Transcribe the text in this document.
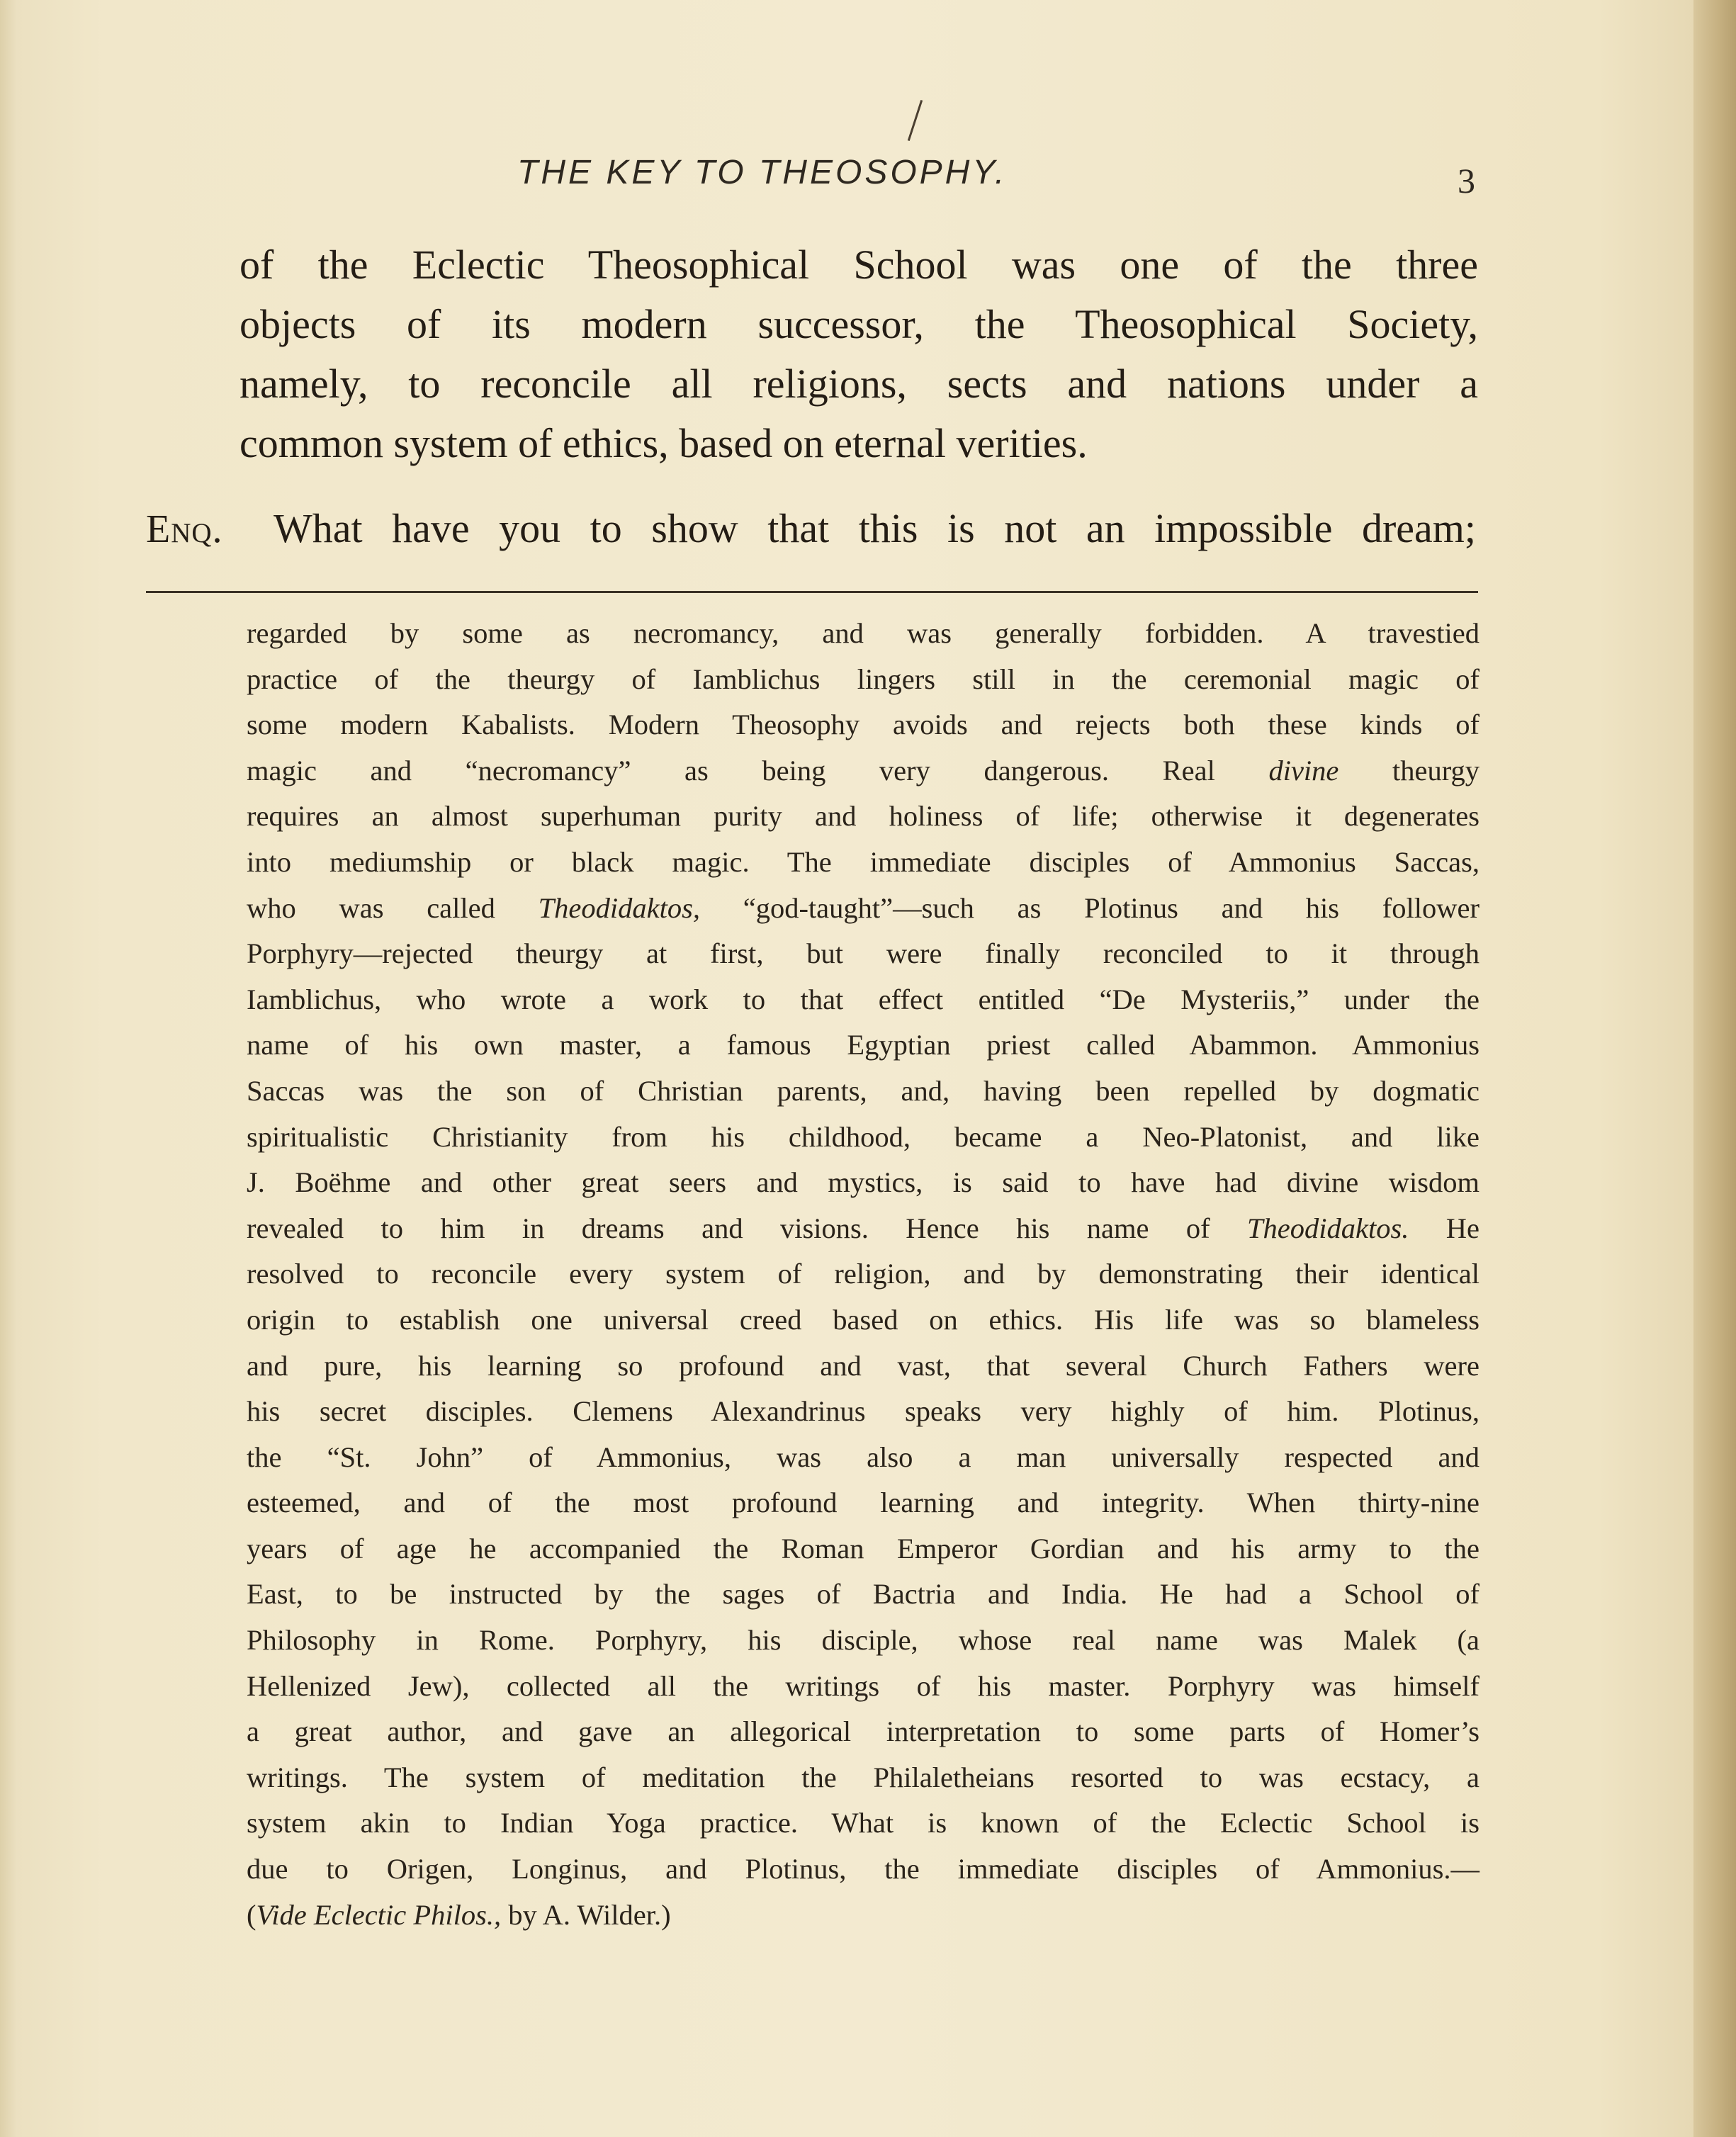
THE KEY TO THEOSOPHY.	3
of the Eclectic Theosophical School was one of the three
objects of its modern successor, the Theosophical Society,
namely, to reconcile all religions, sects and nations under a
common system of ethics, based on eternal verities.
Enq. What have you to show that this is not an impossible dream;
regarded by some as necromancy, and was generally forbidden. A travestied
practice of the theurgy of Iamblichus lingers still in the ceremonial magic of
some modern Kabalists. Modern Theosophy avoids and rejects both these kinds of
magic and “necromancy” as being very dangerous. Real divine theurgy
requires an almost superhuman purity and holiness of life; otherwise it degenerates
into mediumship or black magic. The immediate disciples of Ammonius Saccas,
who was called Theodidaktos, “god-taught”—such as Plotinus and his follower
Porphyry—rejected theurgy at first, but were finally reconciled to it through
Iamblichus, who wrote a work to that effect entitled “De Mysteriis,” under the
name of his own master, a famous Egyptian priest called Abammon. Ammonius
Saccas was the son of Christian parents, and, having been repelled by dogmatic
spiritualistic Christianity from his childhood, became a Neo-Platonist, and like
J. Boëhme and other great seers and mystics, is said to have had divine wisdom
revealed to him in dreams and visions. Hence his name of Theodidaktos. He
resolved to reconcile every system of religion, and by demonstrating their identical
origin to establish one universal creed based on ethics. His life was so blameless
and pure, his learning so profound and vast, that several Church Fathers were
his secret disciples. Clemens Alexandrinus speaks very highly of him. Plotinus,
the “St. John” of Ammonius, was also a man universally respected and
esteemed, and of the most profound learning and integrity. When thirty-nine
years of age he accompanied the Roman Emperor Gordian and his army to the
East, to be instructed by the sages of Bactria and India. He had a School of
Philosophy in Rome. Porphyry, his disciple, whose real name was Malek (a
Hellenized Jew), collected all the writings of his master. Porphyry was himself
a great author, and gave an allegorical interpretation to some parts of Homer’s
writings. The system of meditation the Philaletheians resorted to was ecstacy, a
system akin to Indian Yoga practice. What is known of the Eclectic School is
due to Origen, Longinus, and Plotinus, the immediate disciples of Ammonius.—
(Vide Eclectic Philos., by A. Wilder.)
